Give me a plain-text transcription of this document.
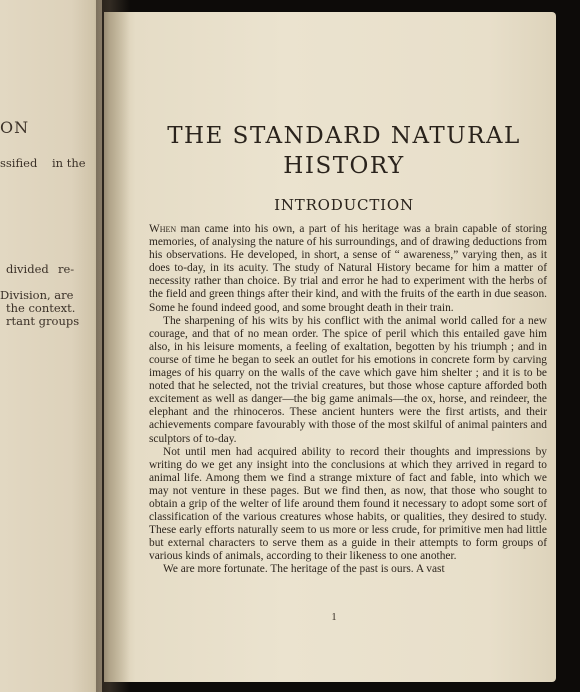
ON
ssified in the
divided re-
Division, are
the context.
rtant groups
THE STANDARD NATURAL
HISTORY
INTRODUCTION

When man came into his own, a part of his heritage was a brain capable of storing memories, of analysing the nature of his surroundings, and of drawing deductions from his observations. He developed, in short, a sense of “ awareness,” varying then, as it does to-day, in its acuity. The study of Natural History became for him a matter of necessity rather than choice. By trial and error he had to experiment with the herbs of the field and green things after their kind, and with the fruits of the earth in due season. Some he found indeed good, and some brought death in their train.

The sharpening of his wits by his conflict with the animal world called for a new courage, and that of no mean order. The spice of peril which this entailed gave him also, in his leisure moments, a feeling of exaltation, begotten by his triumph ; and in course of time he began to seek an outlet for his emotions in concrete form by carving images of his quarry on the walls of the cave which gave him shelter ; and it is to be noted that he selected, not the trivial creatures, but those whose capture afforded both excitement as well as danger—the big game animals—the ox, horse, and reindeer, the elephant and the rhinoceros. These ancient hunters were the first artists, and their achievements compare favourably with those of the most skilful of animal painters and sculptors of to-day.

Not until men had acquired ability to record their thoughts and impressions by writing do we get any insight into the conclusions at which they arrived in regard to animal life. Among them we find a strange mixture of fact and fable, into which we may not venture in these pages. But we find then, as now, that those who sought to obtain a grip of the welter of life around them found it necessary to adopt some sort of classification of the various creatures whose habits, or qualities, they desired to study. These early efforts naturally seem to us more or less crude, for primitive men had little but external characters to serve them as a guide in their attempts to form groups of various kinds of animals, according to their likeness to one another.

We are more fortunate. The heritage of the past is ours. A vast

1
